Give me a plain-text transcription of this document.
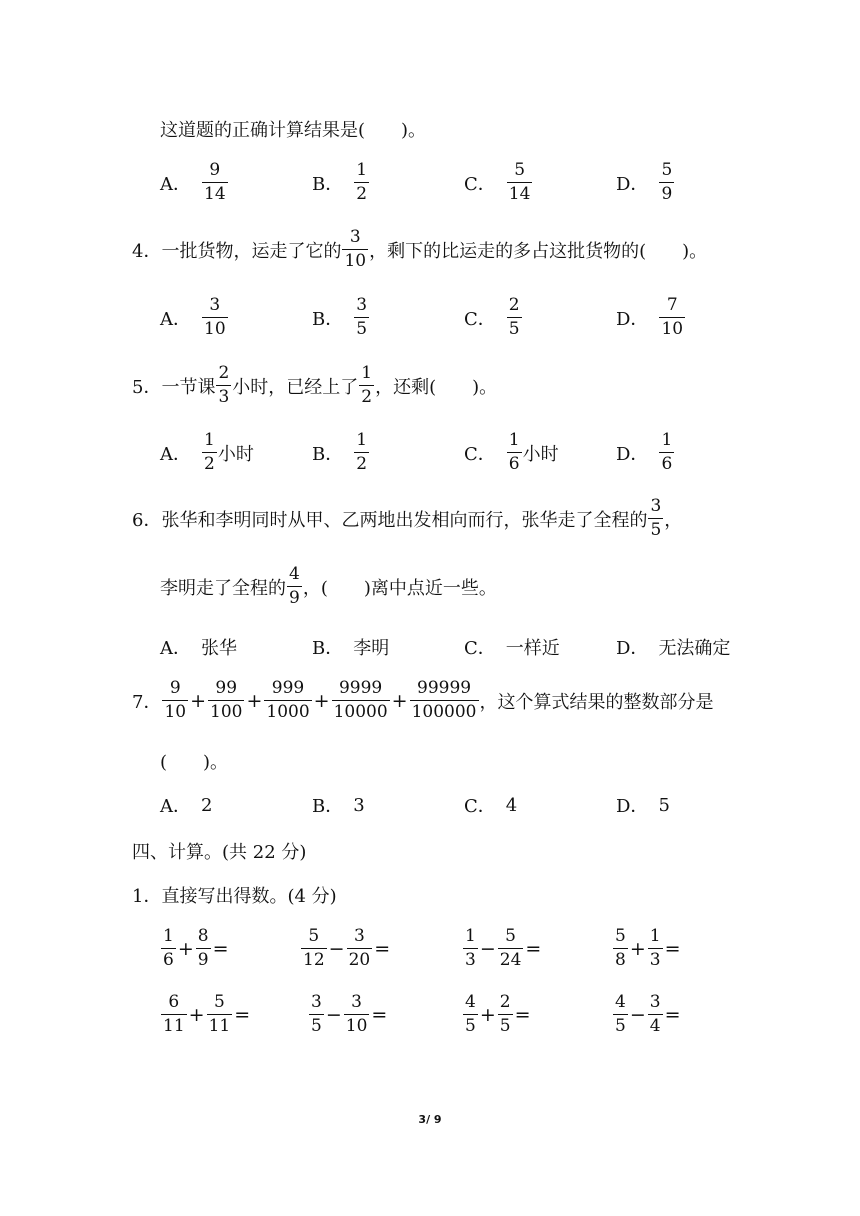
这道题的正确计算结果是(　　)。
A． $\frac{9}{14}$	B． $\frac{1}{2}$	C． $\frac{5}{14}$	D． $\frac{5}{9}$
4． 一批货物，运走了它的 $\frac{3}{10}$ ，剩下的比运走的多占这批货物的(　　)。
A． $\frac{3}{10}$	B． $\frac{3}{5}$	C． $\frac{2}{5}$	D． $\frac{7}{10}$
5． 一节课 $\frac{2}{3}$ 小时，已经上了 $\frac{1}{2}$ ，还剩(　　)。
A． $\frac{1}{2}$ 小时	B． $\frac{1}{2}$	C． $\frac{1}{6}$ 小时	D． $\frac{1}{6}$
6． 张华和李明同时从甲、乙两地出发相向而行，张华走了全程的 $\frac{3}{5}$ ，
李明走了全程的 $\frac{4}{9}$ ，(　　)离中点近一些。
A． 张华	B． 李明	C． 一样近	D． 无法确定
7． $\frac{9}{10} + \frac{99}{100} + \frac{999}{1000} + \frac{9999}{10000} + \frac{99999}{100000}$ ，这个算式结果的整数部分是
(　　)。
A． 2	B． 3	C． 4	D． 5
四、计算。(共 22 分)
1．直接写出得数。(4 分)
$\frac{1}{6} + \frac{8}{9}$ =	$\frac{5}{12} - \frac{3}{20}$ =	$\frac{1}{3} - \frac{5}{24}$ =	$\frac{5}{8} + \frac{1}{3}$ =
$\frac{6}{11} + \frac{5}{11}$ =	$\frac{3}{5} - \frac{3}{10}$ =	$\frac{4}{5} + \frac{2}{5}$ =	$\frac{4}{5} - \frac{3}{4}$ =
3/ 9
